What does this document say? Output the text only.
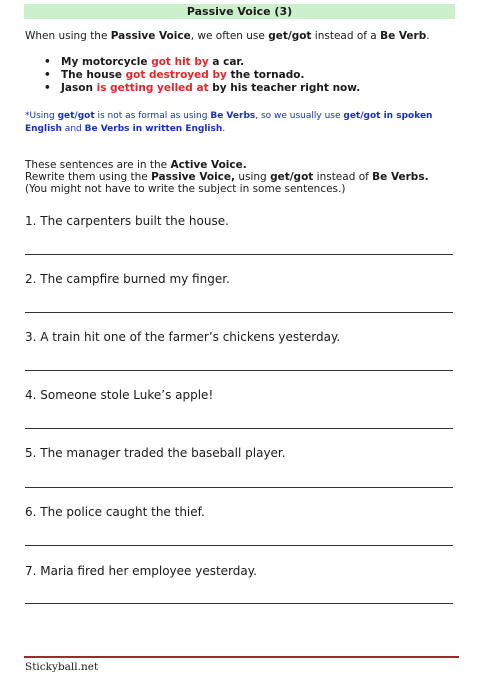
Passive Voice (3)
When using the Passive Voice, we often use get/got instead of a Be Verb.
• My motorcycle got hit by a car.
• The house got destroyed by the tornado.
• Jason is getting yelled at by his teacher right now.
*Using get/got is not as formal as using Be Verbs, so we usually use get/got in spoken English and Be Verbs in written English.
These sentences are in the Active Voice.
Rewrite them using the Passive Voice, using get/got instead of Be Verbs.
(You might not have to write the subject in some sentences.)
1. The carpenters built the house.
2. The campfire burned my finger.
3. A train hit one of the farmer’s chickens yesterday.
4. Someone stole Luke’s apple!
5. The manager traded the baseball player.
6. The police caught the thief.
7. Maria fired her employee yesterday.
Stickyball.net
